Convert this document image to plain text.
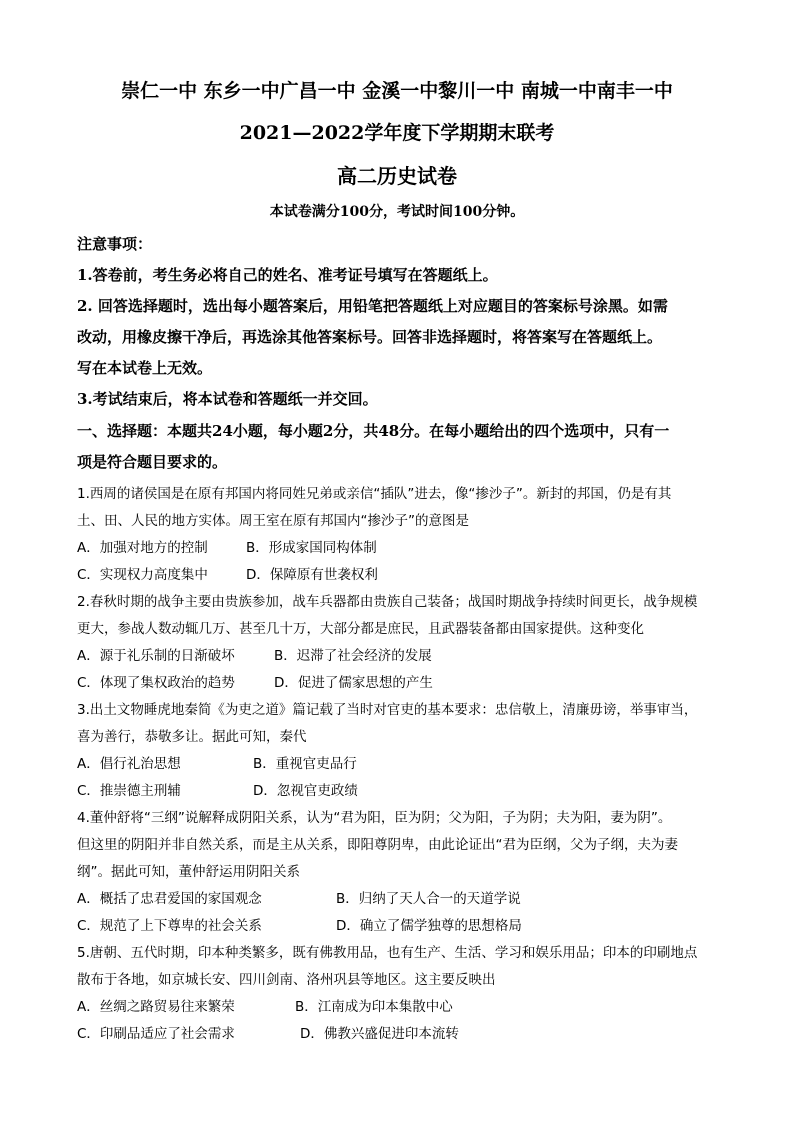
崇仁一中 东乡一中广昌一中 金溪一中黎川一中 南城一中南丰一中
2021—2022学年度下学期期末联考
高二历史试卷
本试卷满分100分，考试时间100分钟。
注意事项：
1.答卷前，考生务必将自己的姓名、准考证号填写在答题纸上。
2. 回答选择题时，选出每小题答案后，用铅笔把答题纸上对应题目的答案标号涂黑。如需
改动，用橡皮擦干净后，再选涂其他答案标号。回答非选择题时，将答案写在答题纸上。
写在本试卷上无效。
3.考试结束后，将本试卷和答题纸一并交回。
一、选择题：本题共24小题，每小题2分，共48分。在每小题给出的四个选项中，只有一
项是符合题目要求的。
1.西周的诸侯国是在原有邦国内将同姓兄弟或亲信“插队”进去，像“掺沙子”。新封的邦国，仍是有其
土、田、人民的地方实体。周王室在原有邦国内“掺沙子”的意图是
A．加强对地方的控制	B．形成家国同构体制
C．实现权力高度集中	D．保障原有世袭权利
2.春秋时期的战争主要由贵族参加，战车兵器都由贵族自己装备；战国时期战争持续时间更长，战争规模
更大，参战人数动辄几万、甚至几十万，大部分都是庶民，且武器装备都由国家提供。这种变化
A．源于礼乐制的日渐破坏	B．迟滞了社会经济的发展
C．体现了集权政治的趋势	D．促进了儒家思想的产生
3.出土文物睡虎地秦简《为吏之道》篇记载了当时对官吏的基本要求：忠信敬上，清廉毋谤，举事审当，
喜为善行，恭敬多让。据此可知，秦代
A．倡行礼治思想	B．重视官吏品行
C．推崇德主刑辅	D．忽视官吏政绩
4.董仲舒将“三纲”说解释成阴阳关系，认为“君为阳，臣为阴；父为阳，子为阴；夫为阳，妻为阴”。
但这里的阴阳并非自然关系，而是主从关系，即阳尊阴卑，由此论证出“君为臣纲，父为子纲，夫为妻
纲”。据此可知，董仲舒运用阴阳关系
A．概括了忠君爱国的家国观念	B．归纳了天人合一的天道学说
C．规范了上下尊卑的社会关系	D．确立了儒学独尊的思想格局
5.唐朝、五代时期，印本种类繁多，既有佛教用品，也有生产、生活、学习和娱乐用品；印本的印刷地点
散布于各地，如京城长安、四川剑南、洛州巩县等地区。这主要反映出
A．丝绸之路贸易往来繁荣	B．江南成为印本集散中心
C．印刷品适应了社会需求	D．佛教兴盛促进印本流转
